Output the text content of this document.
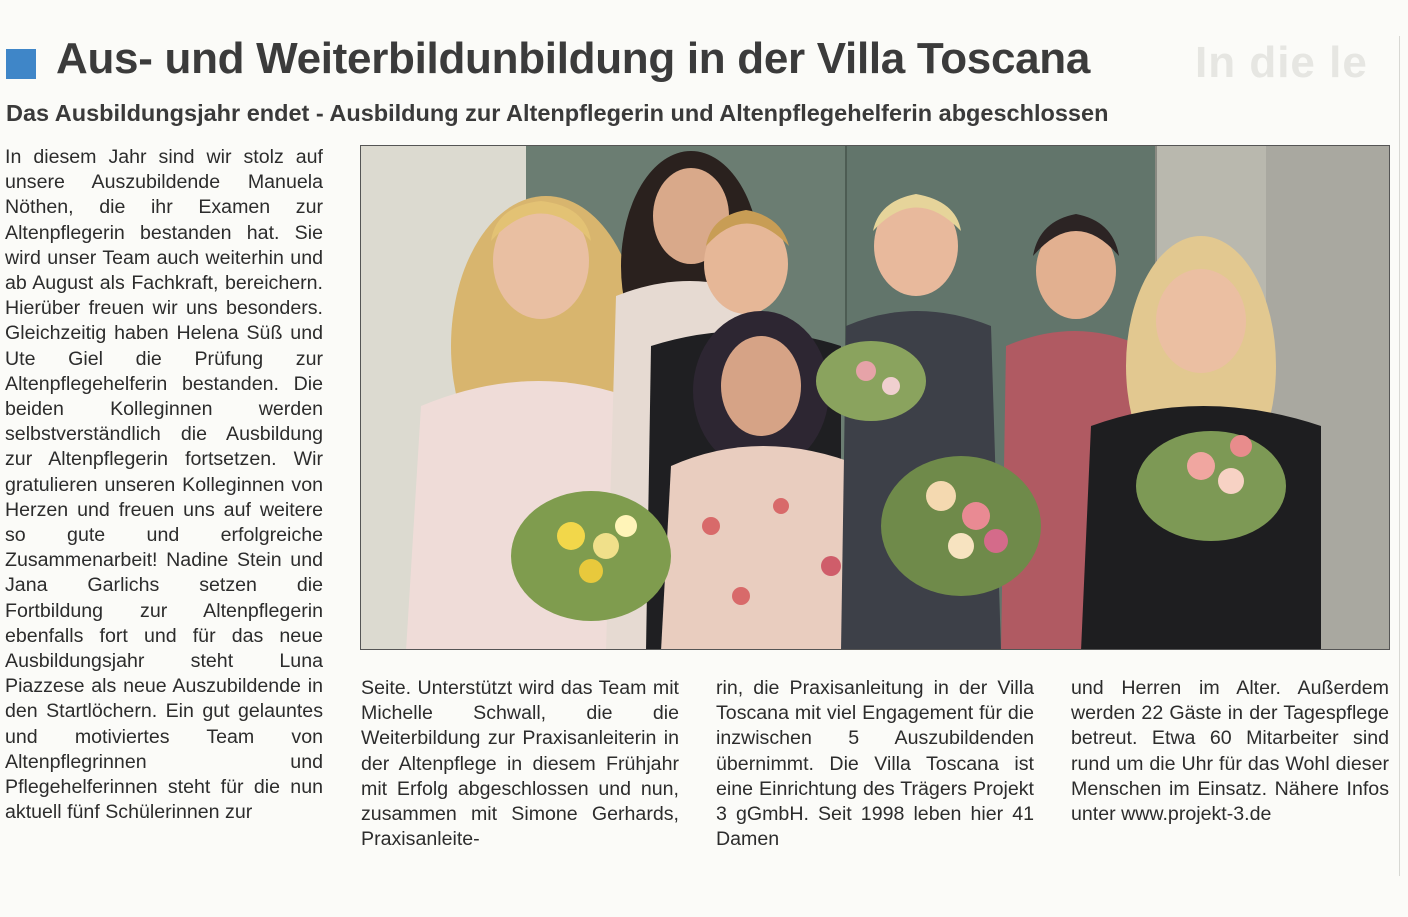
In die le
Aus- und Weiterbildunbildung in der Villa Toscana
Das Ausbildungsjahr endet - Ausbildung zur Altenpflegerin und Altenpflegehelferin abgeschlossen

In diesem Jahr sind wir stolz auf unsere Auszubildende Manuela Nöthen, die ihr Examen zur Altenpflegerin bestanden hat. Sie wird unser Team auch weiterhin und ab August als Fachkraft, bereichern. Hierüber freuen wir uns besonders. Gleichzeitig haben Helena Süß und Ute Giel die Prüfung zur Altenpflegehelferin bestanden. Die beiden Kolleginnen werden selbstverständlich die Ausbildung zur Altenpflegerin fortsetzen. Wir gratulieren unseren Kolleginnen von Herzen und freuen uns auf weitere so gute und erfolgreiche Zusammenarbeit! Nadine Stein und Jana Garlichs setzen die Fortbildung zur Altenpflegerin ebenfalls fort und für das neue Ausbildungsjahr steht Luna Piazzese als neue Auszubildende in den Startlöchern. Ein gut gelauntes und motiviertes Team von Altenpflegrinnen und Pflegehelferinnen steht für die nun aktuell fünf Schülerinnen zur

Seite. Unterstützt wird das Team mit Michelle Schwall, die die Weiterbildung zur Praxisanleiterin in der Altenpflege in diesem Frühjahr mit Erfolg abgeschlossen und nun, zusammen mit Simone Gerhards, Praxisanleite-

rin, die Praxisanleitung in der Villa Toscana mit viel Engagement für die inzwischen 5 Auszubildenden übernimmt. Die Villa Toscana ist eine Einrichtung des Trägers Projekt 3 gGmbH. Seit 1998 leben hier 41 Damen

und Herren im Alter. Außerdem werden 22 Gäste in der Tagespflege betreut. Etwa 60 Mitarbeiter sind rund um die Uhr für das Wohl dieser Menschen im Einsatz. Nähere Infos unter www.projekt-3.de
